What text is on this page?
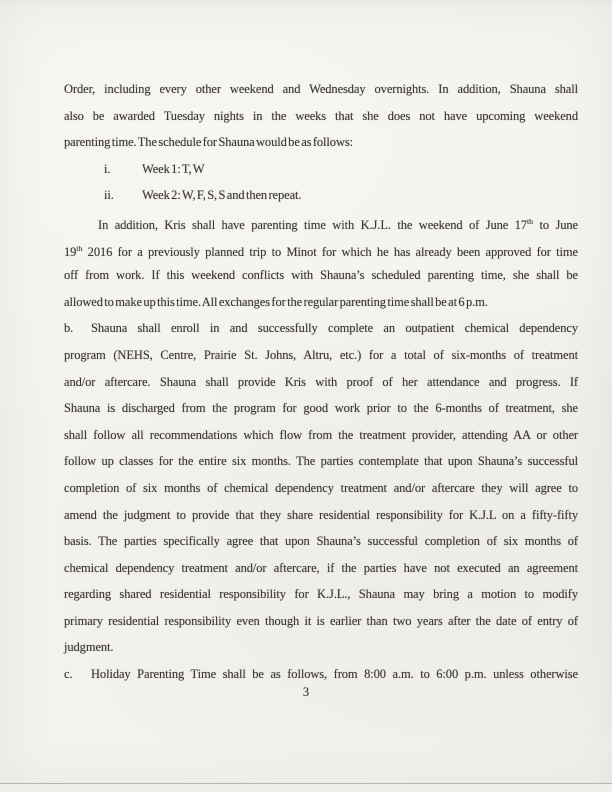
Order, including every other weekend and Wednesday overnights. In addition, Shauna shall
also be awarded Tuesday nights in the weeks that she does not have upcoming weekend
parenting time. The schedule for Shauna would be as follows:
i.	Week 1: T, W
ii. Week 2: W, F, S, S and then repeat.
In addition, Kris shall have parenting time with K.J.L. the weekend of June 17th to June
19th 2016 for a previously planned trip to Minot for which he has already been approved for time
off from work. If this weekend conflicts with Shauna’s scheduled parenting time, she shall be
allowed to make up this time. All exchanges for the regular parenting time shall be at 6 p.m.
b. Shauna shall enroll in and successfully complete an outpatient chemical dependency
program (NEHS, Centre, Prairie St. Johns, Altru, etc.) for a total of six-months of treatment
and/or aftercare. Shauna shall provide Kris with proof of her attendance and progress. If
Shauna is discharged from the program for good work prior to the 6-months of treatment, she
shall follow all recommendations which flow from the treatment provider, attending AA or other
follow up classes for the entire six months. The parties contemplate that upon Shauna’s successful
completion of six months of chemical dependency treatment and/or aftercare they will agree to
amend the judgment to provide that they share residential responsibility for K.J.L on a fifty-fifty
basis. The parties specifically agree that upon Shauna’s successful completion of six months of
chemical dependency treatment and/or aftercare, if the parties have not executed an agreement
regarding shared residential responsibility for K.J.L., Shauna may bring a motion to modify
primary residential responsibility even though it is earlier than two years after the date of entry of
judgment.
c. Holiday Parenting Time shall be as follows, from 8:00 a.m. to 6:00 p.m. unless otherwise
3
